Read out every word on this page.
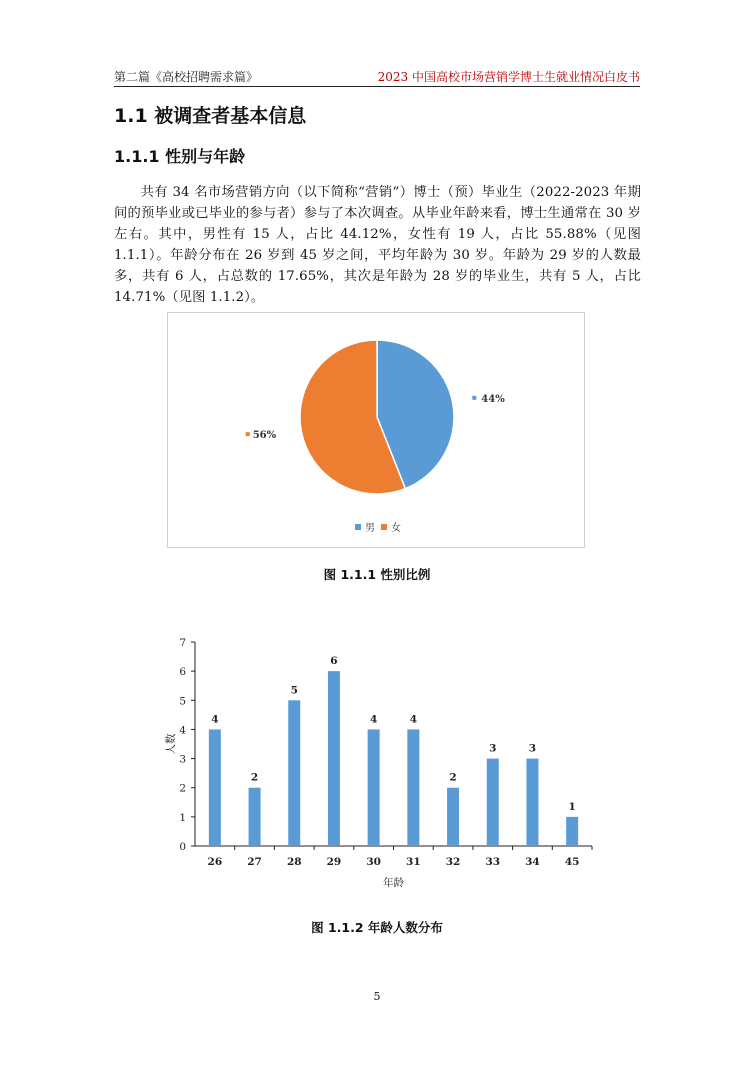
第二篇《高校招聘需求篇》	2023 中国高校市场营销学博士生就业情况白皮书
1.1 被调查者基本信息
1.1.1 性别与年龄
共有 34 名市场营销方向（以下简称“营销”）博士（预）毕业生（2022-2023 年期间的预毕业或已毕业的参与者）参与了本次调查。从毕业年龄来看，博士生通常在 30 岁左右。其中，男性有 15 人，占比 44.12%，女性有 19 人，占比 55.88%（见图 1.1.1）。年龄分布在 26 岁到 45 岁之间，平均年龄为 30 岁。年龄为 29 岁的人数最多，共有 6 人，占总数的 17.65%，其次是年龄为 28 岁的毕业生，共有 5 人，占比 14.71%（见图 1.1.2）。
44%
56%
男 女
图 1.1.1 性别比例
0
1
2
3
4
5
6
7
4
26
2
27
5
28
6
29
4
30
4
31
2
32
3
33
3
34
1
45
年龄
人数
图 1.1.2 年龄人数分布
5
